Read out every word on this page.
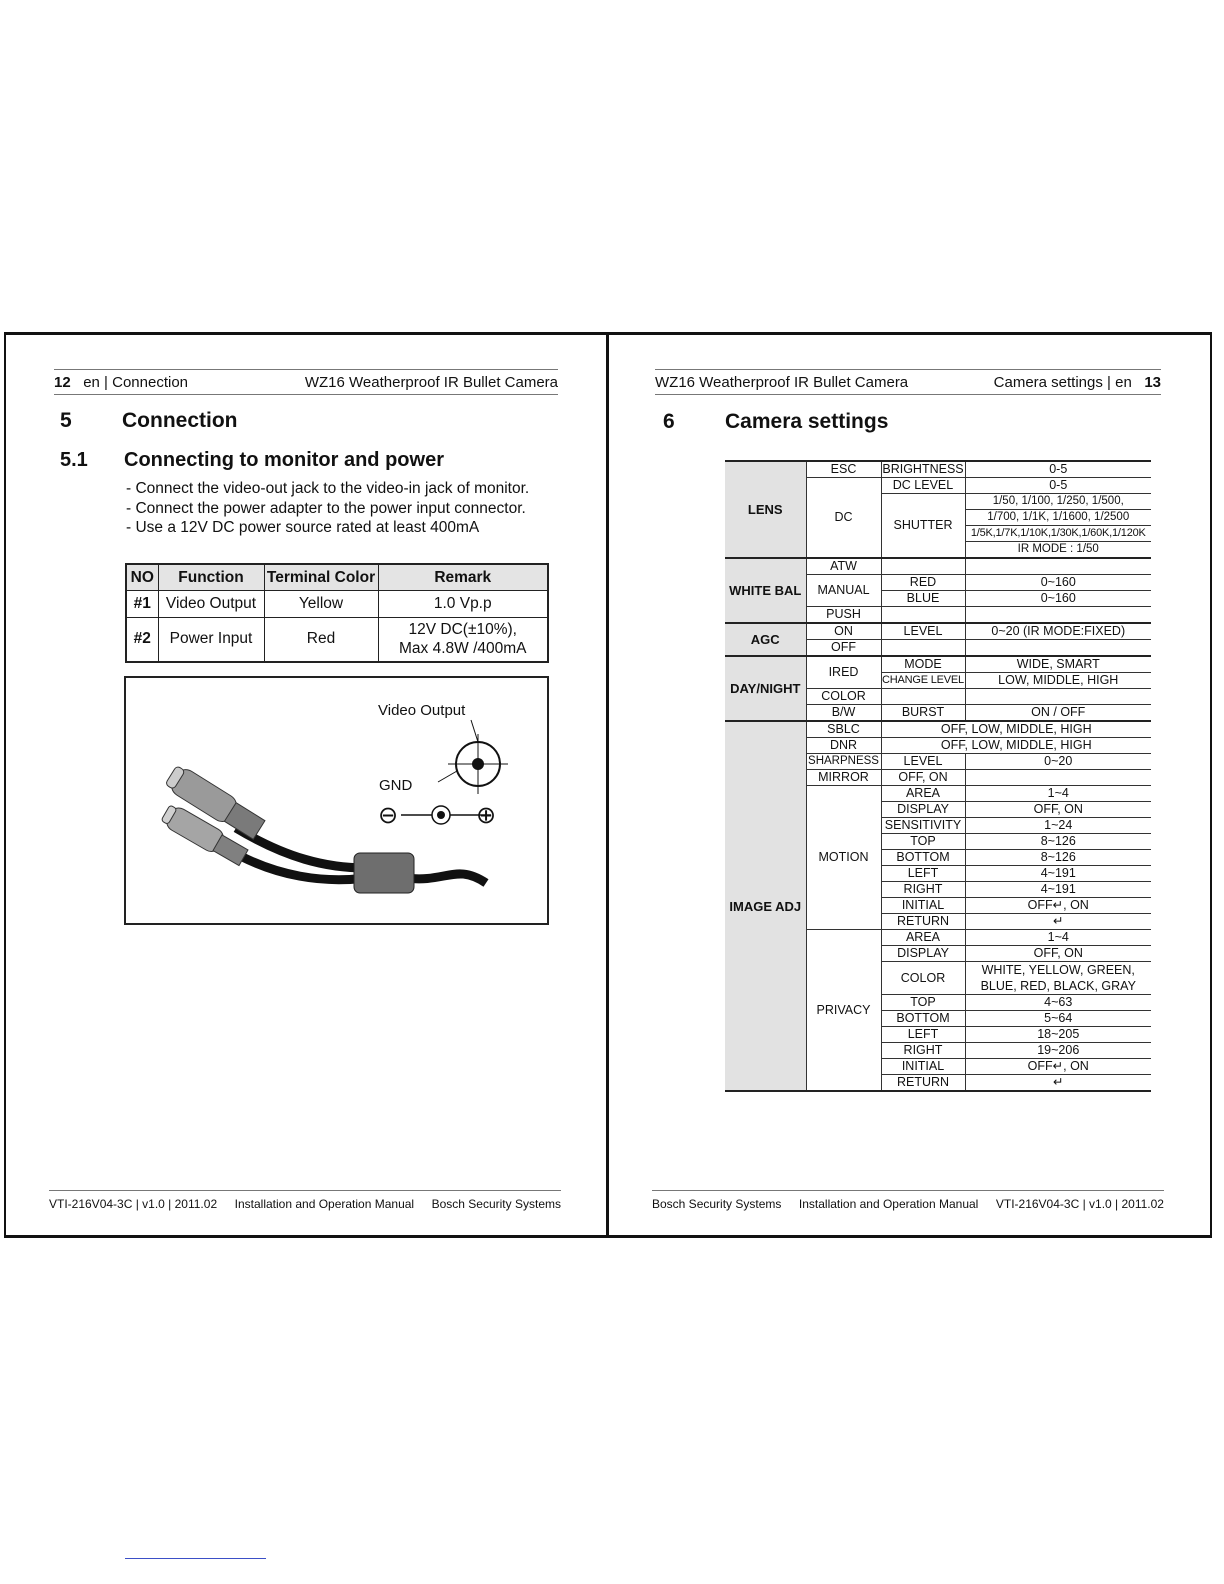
12 en | Connection	WZ16 Weatherproof IR Bullet Camera
5 Connection
5.1 Connecting to monitor and power
- Connect the video-out jack to the video-in jack of monitor.
- Connect the power adapter to the power input connector.
- Use a 12V DC power source rated at least 400mA
NO	Function	Terminal Color	Remark
#1	Video Output	Yellow	1.0 Vp.p
#2	Power Input	Red	12V DC(±10%),
Max 4.8W /400mA
Video Output
GND
⊖	⊕
VTI-216V04-3C | v1.0 | 2011.02 Installation and Operation Manual Bosch Security Systems
WZ16 Weatherproof IR Bullet Camera	Camera settings | en 13
6 Camera settings
LENS	ESC	BRIGHTNESS	0-5
	DC	DC LEVEL	0-5
		SHUTTER	1/50, 1/100, 1/250, 1/500,
			1/700, 1/1K, 1/1600, 1/2500
			1/5K,1/7K,1/10K,1/30K,1/60K,1/120K
			IR MODE : 1/50
WHITE BAL	ATW		
	MANUAL	RED	0~160
		BLUE	0~160
	PUSH		
AGC	ON	LEVEL	0~20 (IR MODE:FIXED)
	OFF		
DAY/NIGHT	IRED	MODE	WIDE, SMART
		CHANGE LEVEL	LOW, MIDDLE, HIGH
	COLOR		
	B/W	BURST	ON / OFF
IMAGE ADJ	SBLC	OFF, LOW, MIDDLE, HIGH	
	DNR	OFF, LOW, MIDDLE, HIGH	
	SHARPNESS	LEVEL	0~20
	MIRROR	OFF, ON	
	MOTION	AREA	1~4
		DISPLAY	OFF, ON
		SENSITIVITY	1~24
		TOP	8~126
		BOTTOM	8~126
		LEFT	4~191
		RIGHT	4~191
		INITIAL	OFF↵, ON
		RETURN	↵
	PRIVACY	AREA	1~4
		DISPLAY	OFF, ON
		COLOR	WHITE, YELLOW, GREEN,
BLUE, RED, BLACK, GRAY

		TOP	4~63
		BOTTOM	5~64
		LEFT	18~205
		RIGHT	19~206
		INITIAL	OFF↵, ON
		RETURN	↵
Bosch Security Systems Installation and Operation Manual VTI-216V04-3C | v1.0 | 2011.02
